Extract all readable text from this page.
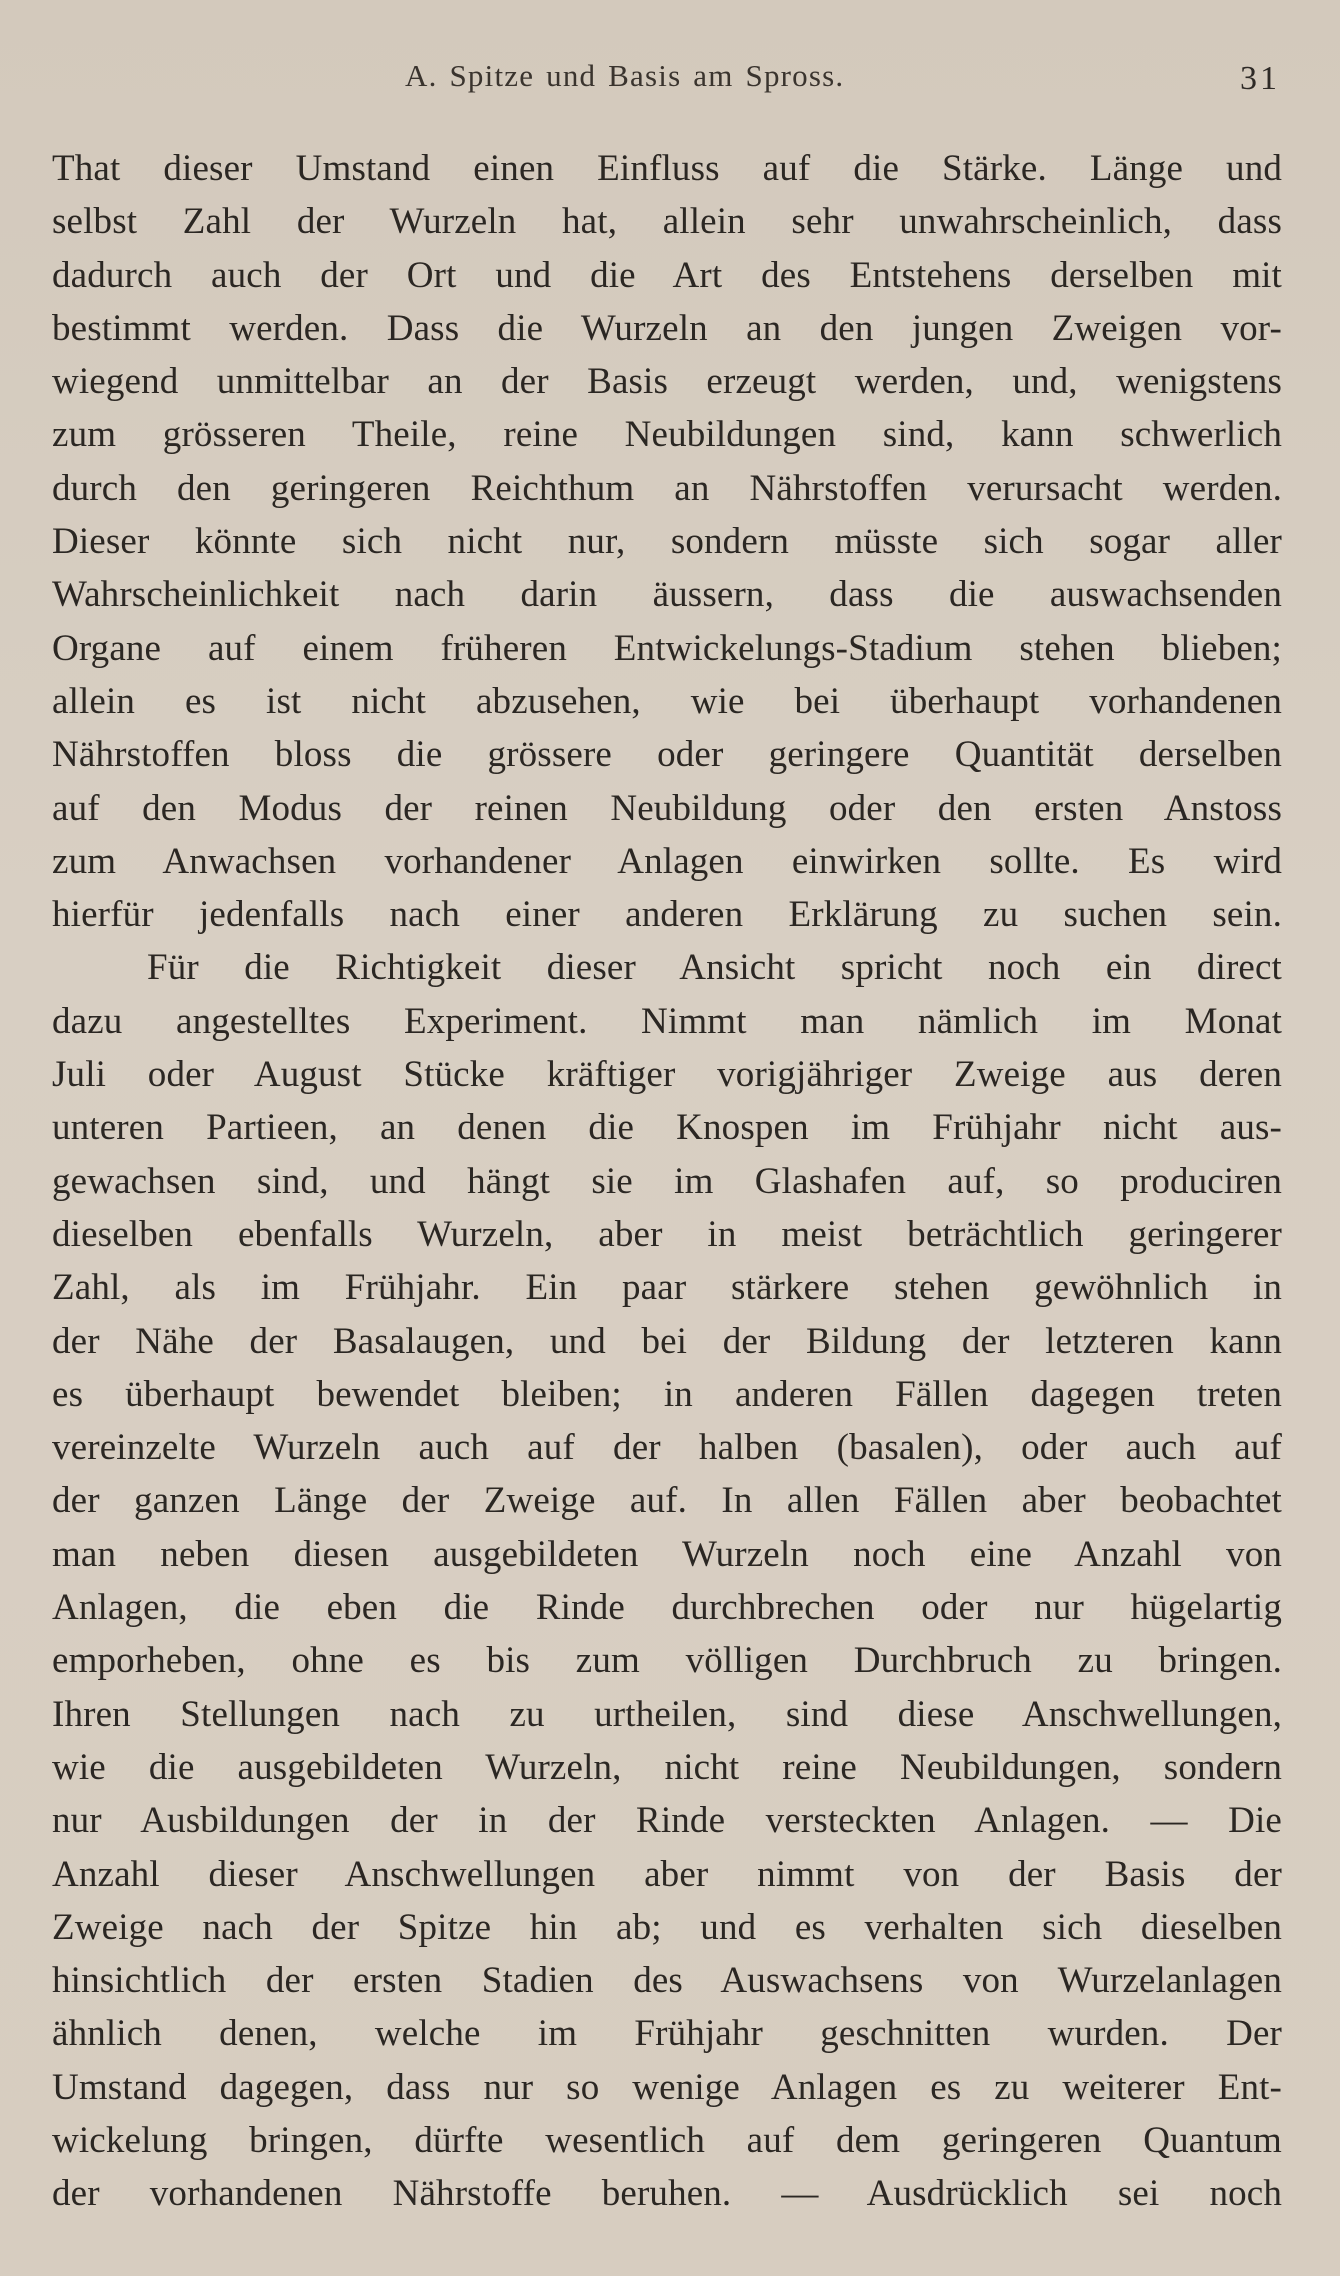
A. Spitze und Basis am Spross.	31
That dieser Umstand einen Einfluss auf die Stärke. Länge und
selbst Zahl der Wurzeln hat, allein sehr unwahrscheinlich, dass
dadurch auch der Ort und die Art des Entstehens derselben mit
bestimmt werden. Dass die Wurzeln an den jungen Zweigen vor-
wiegend unmittelbar an der Basis erzeugt werden, und, wenigstens
zum grösseren Theile, reine Neubildungen sind, kann schwerlich
durch den geringeren Reichthum an Nährstoffen verursacht werden.
Dieser könnte sich nicht nur, sondern müsste sich sogar aller
Wahrscheinlichkeit nach darin äussern, dass die auswachsenden
Organe auf einem früheren Entwickelungs-Stadium stehen blieben;
allein es ist nicht abzusehen, wie bei überhaupt vorhandenen
Nährstoffen bloss die grössere oder geringere Quantität derselben
auf den Modus der reinen Neubildung oder den ersten Anstoss
zum Anwachsen vorhandener Anlagen einwirken sollte. Es wird
hierfür jedenfalls nach einer anderen Erklärung zu suchen sein.
Für die Richtigkeit dieser Ansicht spricht noch ein direct
dazu angestelltes Experiment. Nimmt man nämlich im Monat
Juli oder August Stücke kräftiger vorigjähriger Zweige aus deren
unteren Partieen, an denen die Knospen im Frühjahr nicht aus-
gewachsen sind, und hängt sie im Glashafen auf, so produciren
dieselben ebenfalls Wurzeln, aber in meist beträchtlich geringerer
Zahl, als im Frühjahr. Ein paar stärkere stehen gewöhnlich in
der Nähe der Basalaugen, und bei der Bildung der letzteren kann
es überhaupt bewendet bleiben; in anderen Fällen dagegen treten
vereinzelte Wurzeln auch auf der halben (basalen), oder auch auf
der ganzen Länge der Zweige auf. In allen Fällen aber beobachtet
man neben diesen ausgebildeten Wurzeln noch eine Anzahl von
Anlagen, die eben die Rinde durchbrechen oder nur hügelartig
emporheben, ohne es bis zum völligen Durchbruch zu bringen.
Ihren Stellungen nach zu urtheilen, sind diese Anschwellungen,
wie die ausgebildeten Wurzeln, nicht reine Neubildungen, sondern
nur Ausbildungen der in der Rinde versteckten Anlagen. — Die
Anzahl dieser Anschwellungen aber nimmt von der Basis der
Zweige nach der Spitze hin ab; und es verhalten sich dieselben
hinsichtlich der ersten Stadien des Auswachsens von Wurzelanlagen
ähnlich denen, welche im Frühjahr geschnitten wurden. Der
Umstand dagegen, dass nur so wenige Anlagen es zu weiterer Ent-
wickelung bringen, dürfte wesentlich auf dem geringeren Quantum
der vorhandenen Nährstoffe beruhen. — Ausdrücklich sei noch
